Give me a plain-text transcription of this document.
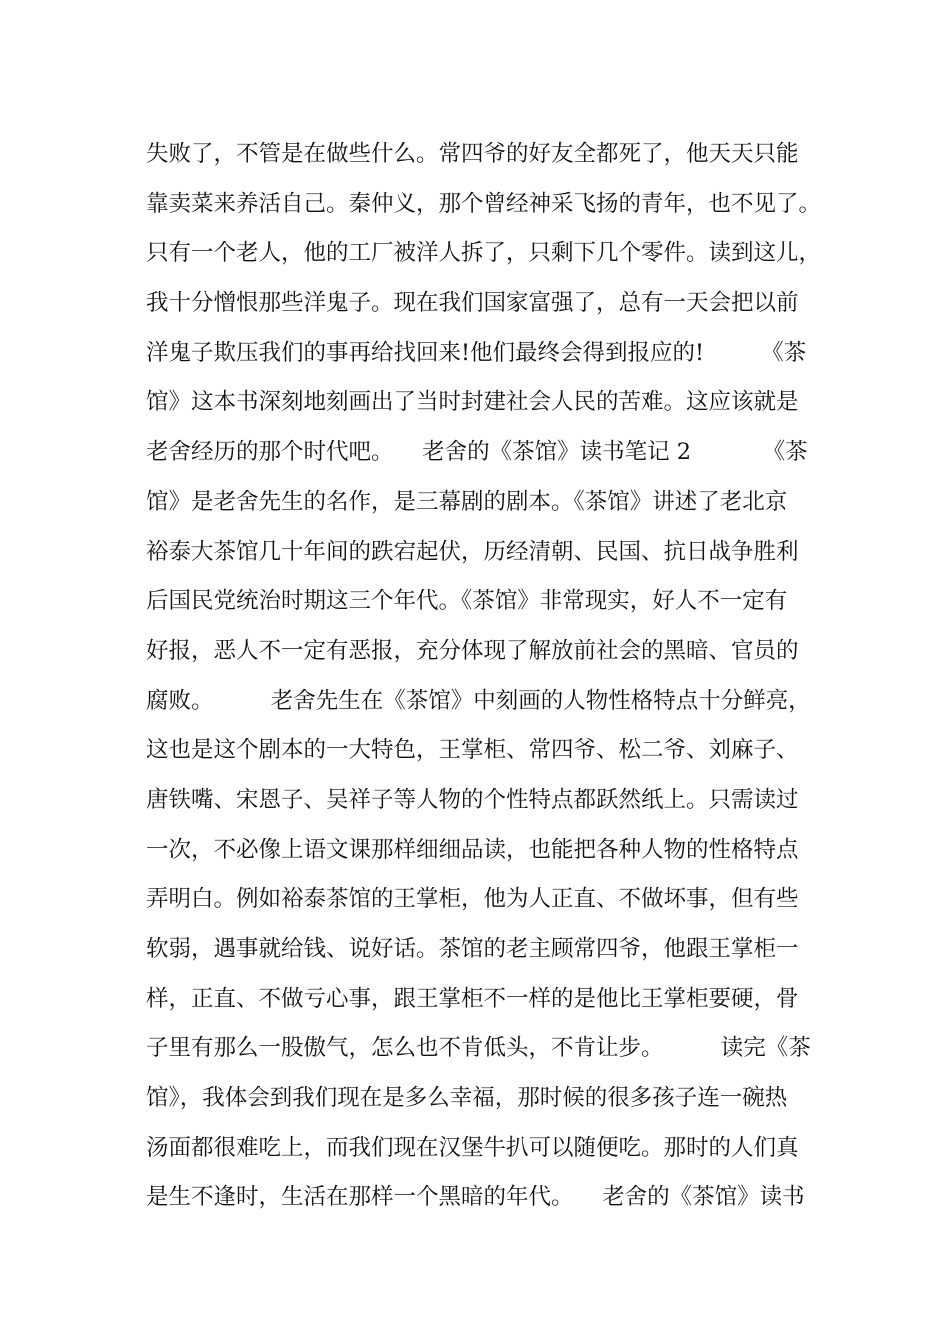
失败了，不管是在做些什么。常四爷的好友全都死了，他天天只能
靠卖菜来养活自己。秦仲义，那个曾经神采飞扬的青年，也不见了。
只有一个老人，他的工厂被洋人拆了，只剩下几个零件。读到这儿，
我十分憎恨那些洋鬼子。现在我们国家富强了，总有一天会把以前
洋鬼子欺压我们的事再给找回来!他们最终会得到报应的!        《茶
馆》这本书深刻地刻画出了当时封建社会人民的苦难。这应该就是
老舍经历的那个时代吧。    老舍的《茶馆》读书笔记 2          《茶
馆》是老舍先生的名作，是三幕剧的剧本。《茶馆》讲述了老北京
裕泰大茶馆几十年间的跌宕起伏，历经清朝、民国、抗日战争胜利
后国民党统治时期这三个年代。《茶馆》非常现实，好人不一定有
好报，恶人不一定有恶报，充分体现了解放前社会的黑暗、官员的
腐败。        老舍先生在《茶馆》中刻画的人物性格特点十分鲜亮，
这也是这个剧本的一大特色，王掌柜、常四爷、松二爷、刘麻子、
唐铁嘴、宋恩子、吴祥子等人物的个性特点都跃然纸上。只需读过
一次，不必像上语文课那样细细品读，也能把各种人物的性格特点
弄明白。例如裕泰茶馆的王掌柜，他为人正直、不做坏事，但有些
软弱，遇事就给钱、说好话。茶馆的老主顾常四爷，他跟王掌柜一
样，正直、不做亏心事，跟王掌柜不一样的是他比王掌柜要硬，骨
子里有那么一股傲气，怎么也不肯低头，不肯让步。        读完《茶
馆》，我体会到我们现在是多么幸福，那时候的很多孩子连一碗热
汤面都很难吃上，而我们现在汉堡牛扒可以随便吃。那时的人们真
是生不逢时，生活在那样一个黑暗的年代。    老舍的《茶馆》读书
